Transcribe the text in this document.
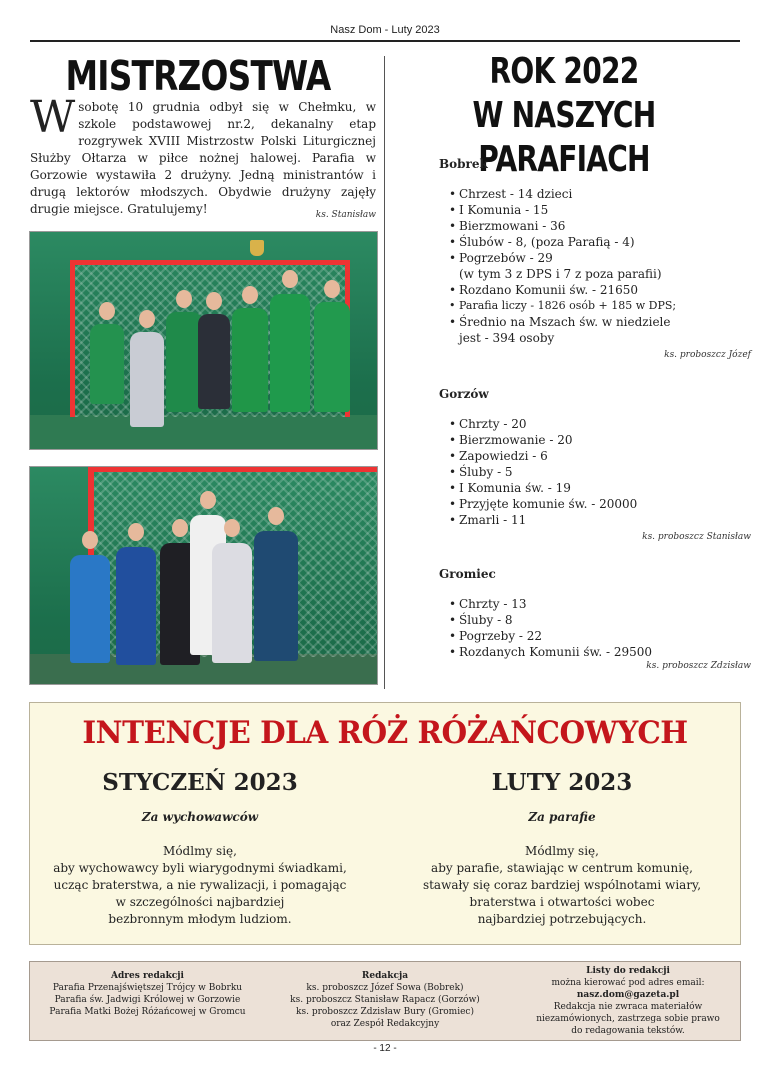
Nasz Dom - Luty 2023
MISTRZOSTWA
Wsobotę 10 grudnia odbył się w Chełmku, w szkole podstawowej nr.2, dekanalny etap rozgrywek XVIII Mistrzostw Polski Liturgicznej Służby Ołtarza w piłce nożnej halowej. Parafia w Gorzowie wystawiła 2 drużyny. Jedną ministrantów i drugą lektorów młodszych. Obydwie drużyny zajęły drugie miejsce. Gratulujemy!	ks. Stanisław
ROK 2022
W NASZYCH PARAFIACH
Bobrek
• Chrzest - 14 dzieci
• I Komunia - 15
• Bierzmowani - 36
• Ślubów - 8, (poza Parafią - 4)
• Pogrzebów - 29
(w tym 3 z DPS i 7 z poza parafii)
• Rozdano Komunii św. - 21650
• Parafia liczy - 1826 osób + 185 w DPS;
• Średnio na Mszach św. w niedziele
jest - 394 osoby
ks. proboszcz Józef
Gorzów
• Chrzty - 20
• Bierzmowanie - 20
• Zapowiedzi - 6
• Śluby - 5
• I Komunia św. - 19
• Przyjęte komunie św. - 20000
• Zmarli - 11
ks. proboszcz Stanisław
Gromiec
• Chrzty - 13
• Śluby - 8
• Pogrzeby - 22
• Rozdanych Komunii św. - 29500
ks. proboszcz Zdzisław
INTENCJE DLA RÓŻ RÓŻAŃCOWYCH
STYCZEŃ 2023
Za wychowawców
Módlmy się,
aby wychowawcy byli wiarygodnymi świadkami,
ucząc braterstwa, a nie rywalizacji, i pomagając
w szczególności najbardziej
bezbronnym młodym ludziom.
LUTY 2023
Za parafie
Módlmy się,
aby parafie, stawiając w centrum komunię,
stawały się coraz bardziej wspólnotami wiary,
braterstwa i otwartości wobec
najbardziej potrzebujących.
Adres redakcji
Parafia Przenajświętszej Trójcy w Bobrku
Parafia św. Jadwigi Królowej w Gorzowie
Parafia Matki Bożej Różańcowej w Gromcu
Redakcja
ks. proboszcz Józef Sowa (Bobrek)
ks. proboszcz Stanisław Rapacz (Gorzów)
ks. proboszcz Zdzisław Bury (Gromiec)
oraz Zespół Redakcyjny
Listy do redakcji
można kierować pod adres email:
nasz.dom@gazeta.pl
Redakcja nie zwraca materiałów
niezamówionych, zastrzega sobie prawo
do redagowania tekstów.
- 12 -
